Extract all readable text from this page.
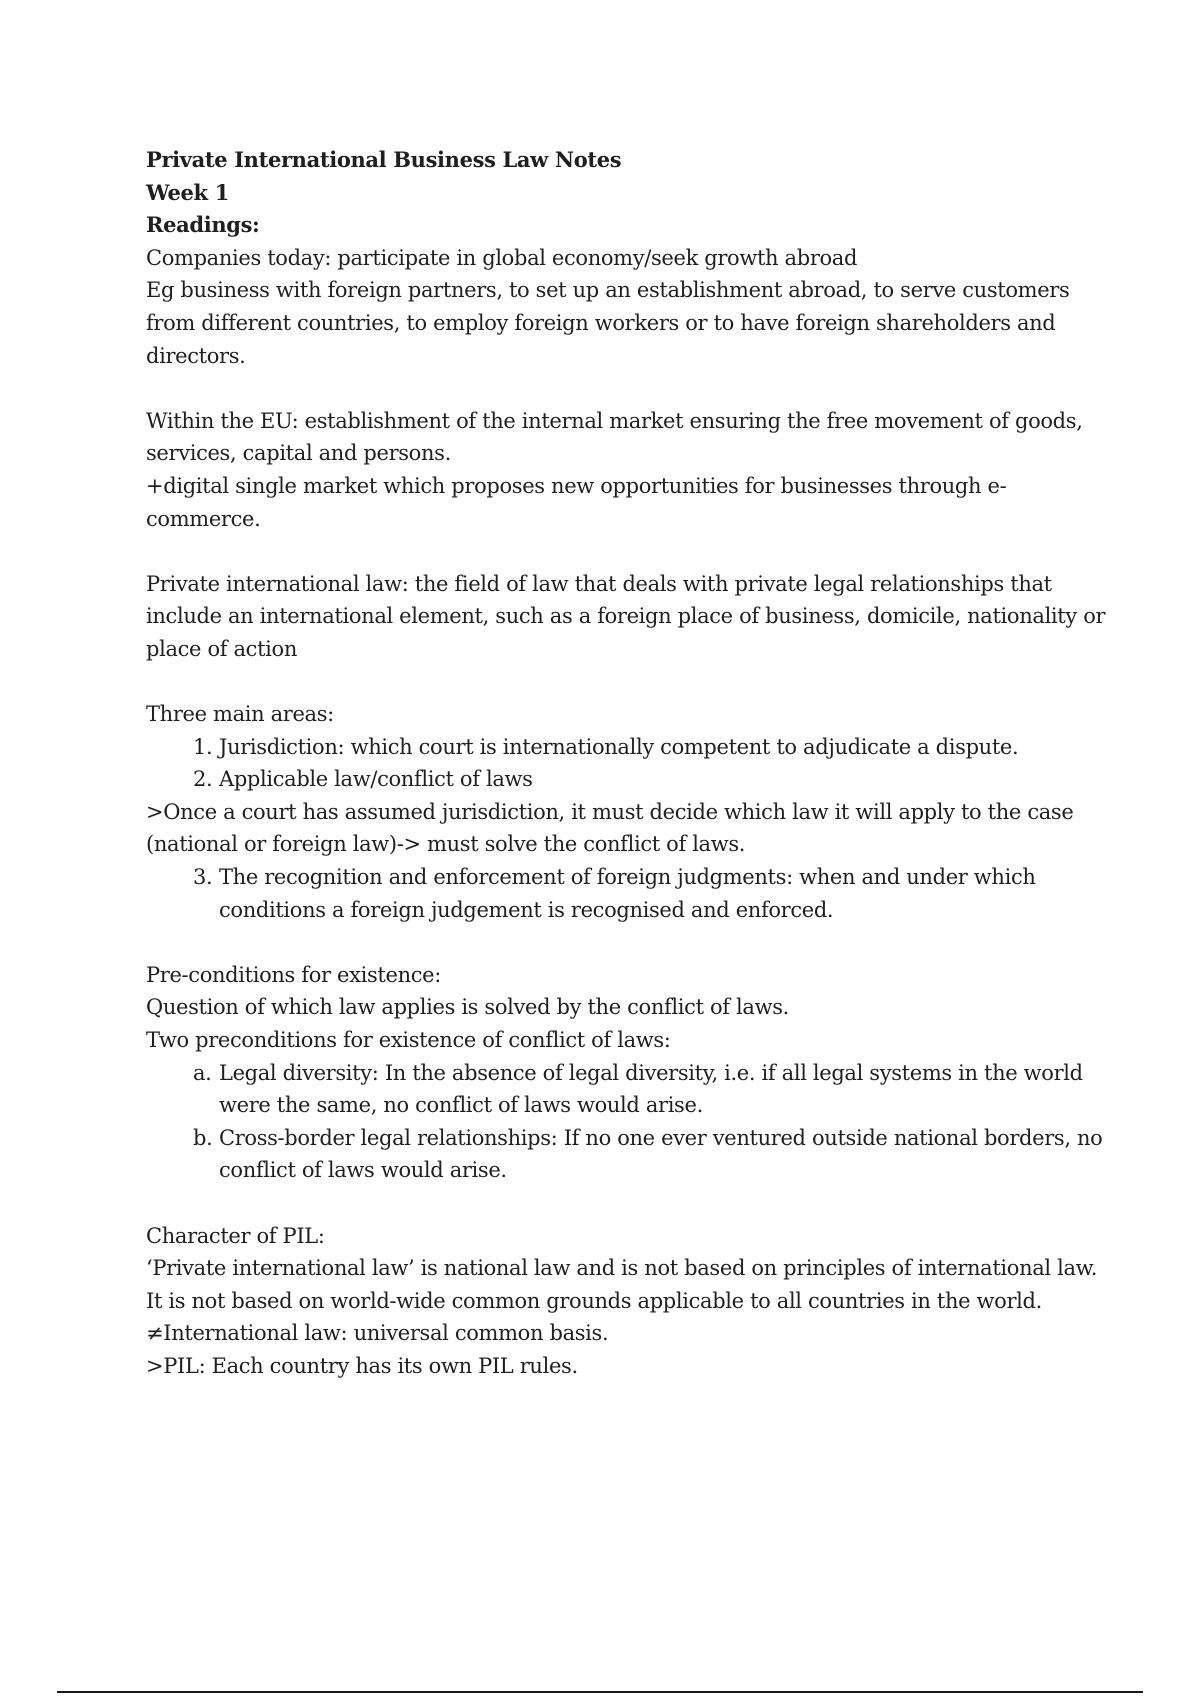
Private International Business Law Notes

Week 1

Readings:

Companies today: participate in global economy/seek growth abroad

Eg business with foreign partners, to set up an establishment abroad, to serve customers from different countries, to employ foreign workers or to have foreign shareholders and directors.

Within the EU: establishment of the internal market ensuring the free movement of goods, services, capital and persons.

+digital single market which proposes new opportunities for businesses through e-commerce.

Private international law: the field of law that deals with private legal relationships that include an international element, such as a foreign place of business, domicile, nationality or place of action

Three main areas:

1. Jurisdiction: which court is internationally competent to adjudicate a dispute.
2. Applicable law/conflict of laws

>Once a court has assumed jurisdiction, it must decide which law it will apply to the case (national or foreign law)-> must solve the conflict of laws.

3. The recognition and enforcement of foreign judgments: when and under which conditions a foreign judgement is recognised and enforced.

Pre-conditions for existence:

Question of which law applies is solved by the conflict of laws.

Two preconditions for existence of conflict of laws:

a. Legal diversity: In the absence of legal diversity, i.e. if all legal systems in the world were the same, no conflict of laws would arise.
b. Cross-border legal relationships: If no one ever ventured outside national borders, no conflict of laws would arise.

Character of PIL:

‘Private international law’ is national law and is not based on principles of international law. It is not based on world-wide common grounds applicable to all countries in the world.

≠International law: universal common basis.

>PIL: Each country has its own PIL rules.
